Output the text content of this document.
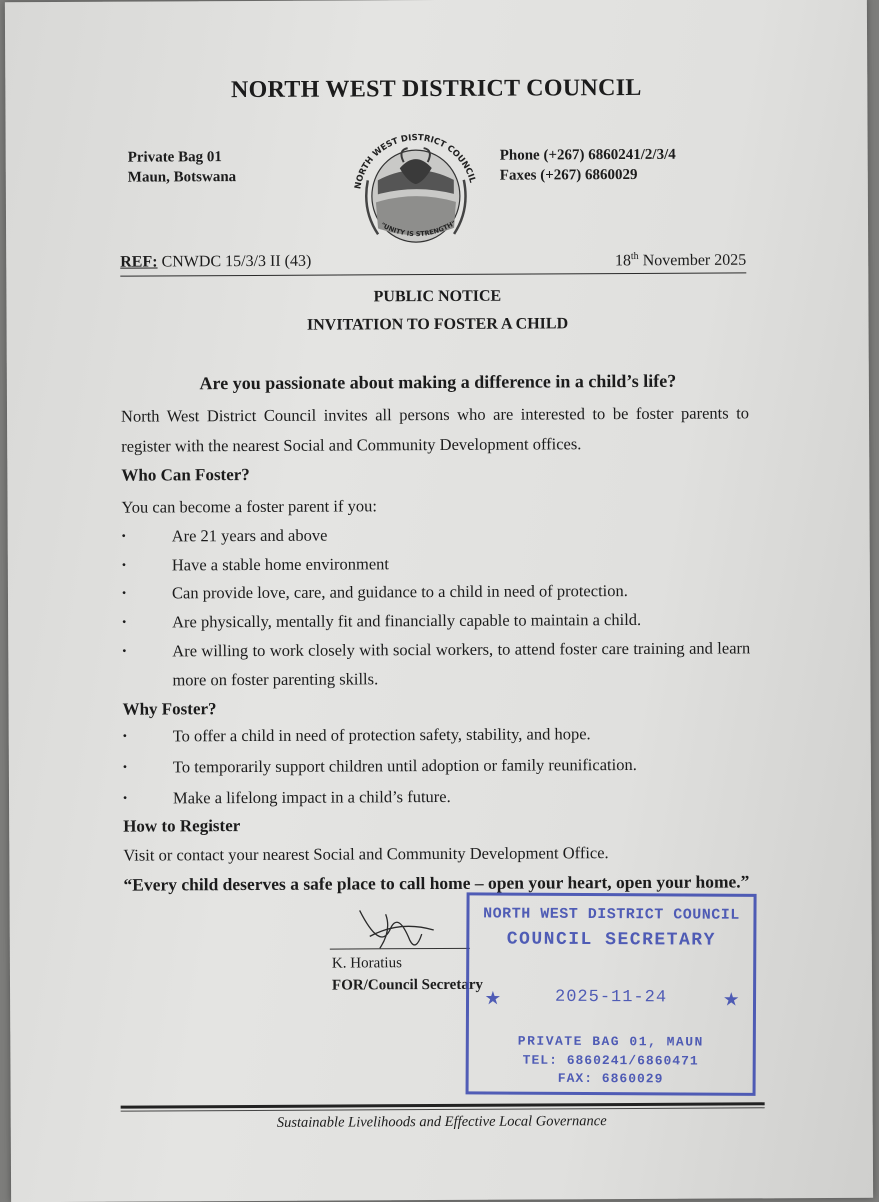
NORTH WEST DISTRICT COUNCIL
Private Bag 01
Maun, Botswana	NORTH WEST DISTRICT COUNCIL
"UNITY IS STRENGTH"
Phone (+267) 6860241/2/3/4
Faxes (+267) 6860029
REF: CNWDC 15/3/3 II (43)	18th November 2025
PUBLIC NOTICE
INVITATION TO FOSTER A CHILD
Are you passionate about making a difference in a child’s life?
North West District Council invites all persons who are interested to be foster parents to register with the nearest Social and Community Development offices.
Who Can Foster?
You can become a foster parent if you:
•	Are 21 years and above
•	Have a stable home environment
•	Can provide love, care, and guidance to a child in need of protection.
•	Are physically, mentally fit and financially capable to maintain a child.
•	Are willing to work closely with social workers, to attend foster care training and learn more on foster parenting skills.
Why Foster?
•	To offer a child in need of protection safety, stability, and hope.
•	To temporarily support children until adoption or family reunification.
•	Make a lifelong impact in a child’s future.
How to Register
Visit or contact your nearest Social and Community Development Office.
“Every child deserves a safe place to call home – open your heart, open your home.”
K. Horatius
FOR/Council Secretary
NORTH WEST DISTRICT COUNCIL
COUNCIL SECRETARY
★	2025-11-24	★
PRIVATE BAG 01, MAUN
TEL: 6860241/6860471
FAX: 6860029
Sustainable Livelihoods and Effective Local Governance
